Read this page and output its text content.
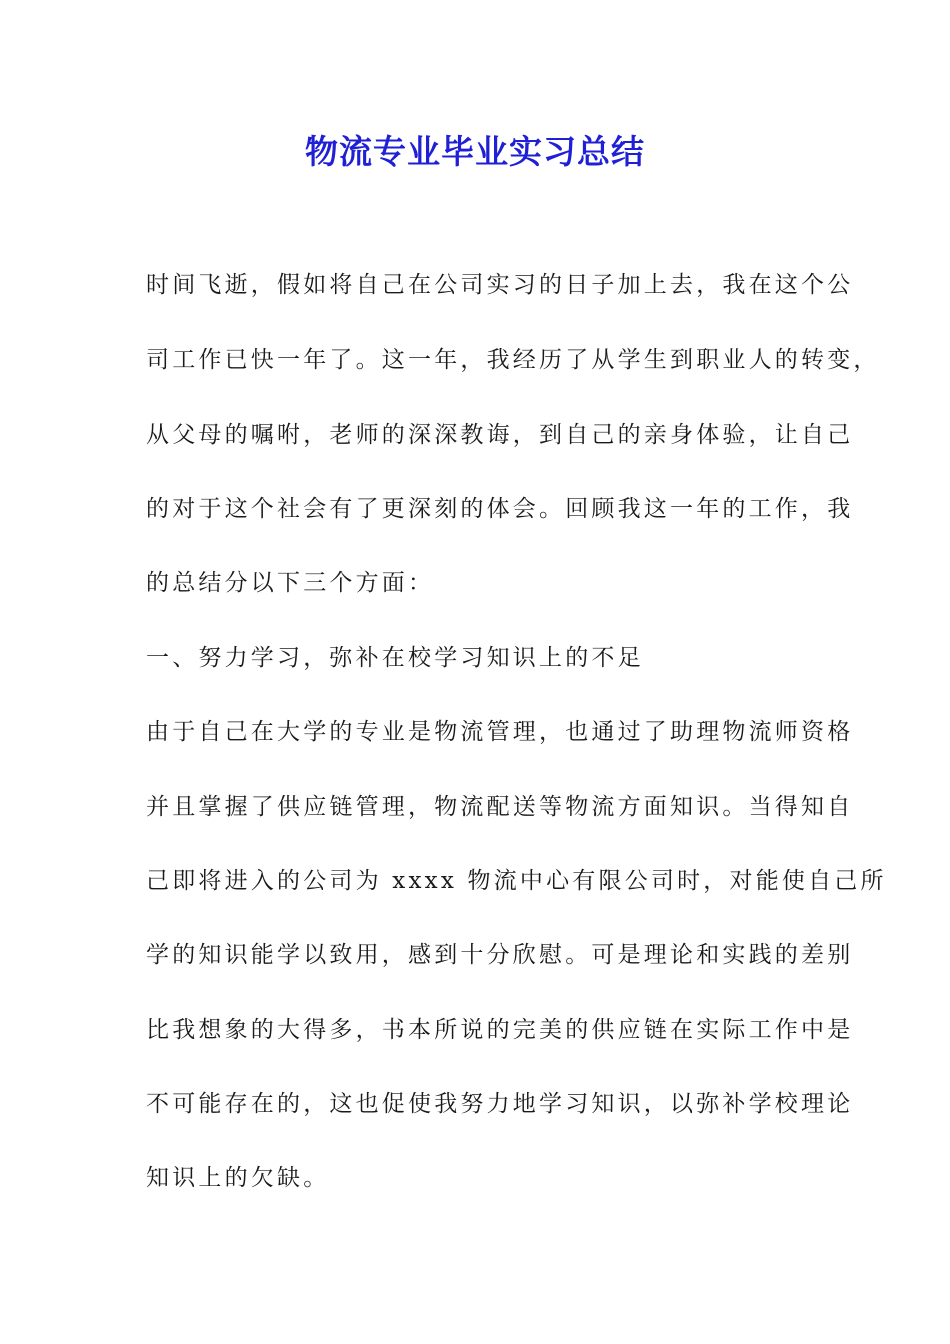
物流专业毕业实习总结

时间飞逝，假如将自己在公司实习的日子加上去，我在这个公

司工作已快一年了。这一年，我经历了从学生到职业人的转变，

从父母的嘱咐，老师的深深教诲，到自己的亲身体验，让自己

的对于这个社会有了更深刻的体会。回顾我这一年的工作，我

的总结分以下三个方面：

一、努力学习，弥补在校学习知识上的不足

由于自己在大学的专业是物流管理，也通过了助理物流师资格

并且掌握了供应链管理，物流配送等物流方面知识。当得知自

己即将进入的公司为 xxxx 物流中心有限公司时，对能使自己所

学的知识能学以致用，感到十分欣慰。可是理论和实践的差别

比我想象的大得多，书本所说的完美的供应链在实际工作中是

不可能存在的，这也促使我努力地学习知识，以弥补学校理论

知识上的欠缺。
